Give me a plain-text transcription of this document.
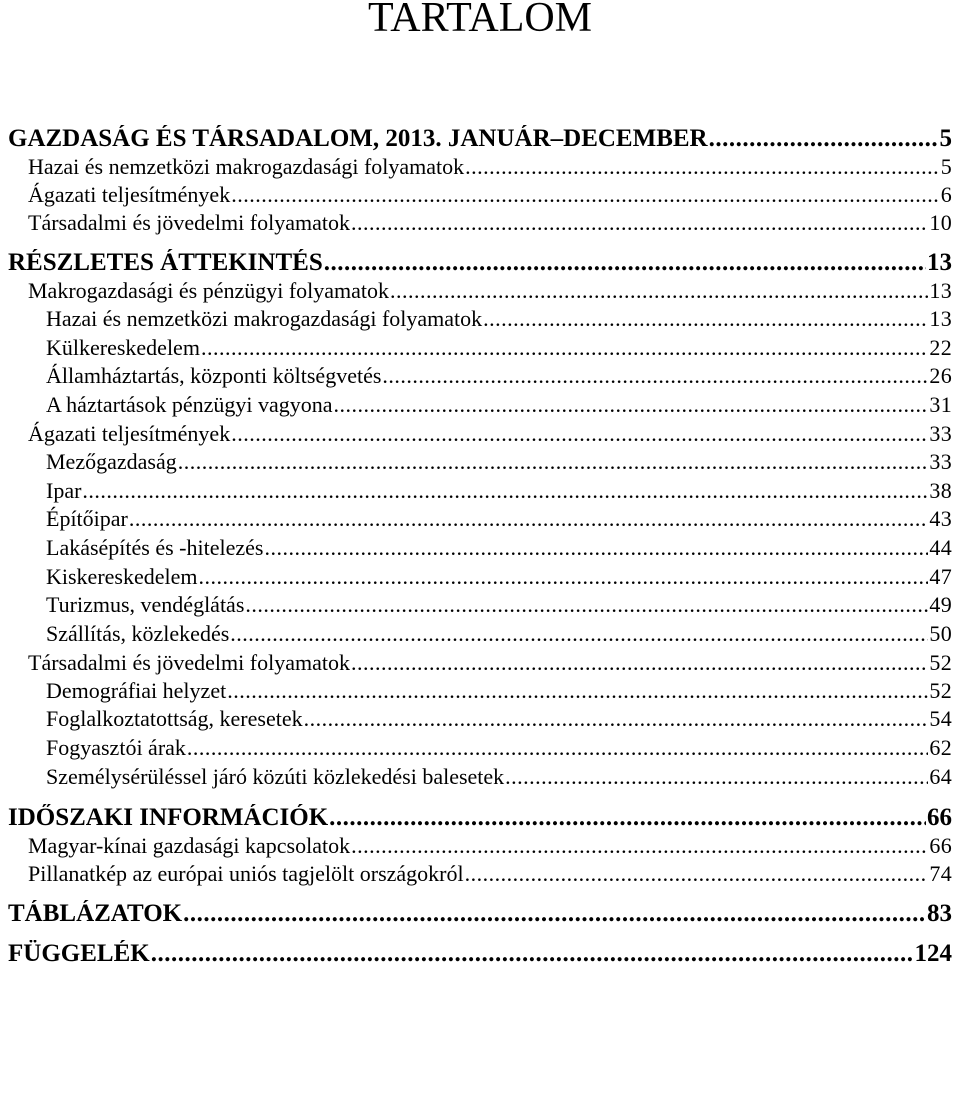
TARTALOM
GAZDASÁG ÉS TÁRSADALOM, 2013. JANUÁR–DECEMBER .....	5
Hazai és nemzetközi makrogazdasági folyamatok .....	5
Ágazati teljesítmények .....	6
Társadalmi és jövedelmi folyamatok .....	10
RÉSZLETES ÁTTEKINTÉS .....	13
Makrogazdasági és pénzügyi folyamatok .....	13
Hazai és nemzetközi makrogazdasági folyamatok .....	13
Külkereskedelem .....	22
Államháztartás, központi költségvetés .....	26
A háztartások pénzügyi vagyona .....	31
Ágazati teljesítmények .....	33
Mezőgazdaság .....	33
Ipar .....	38
Építőipar .....	43
Lakásépítés és -hitelezés .....	44
Kiskereskedelem .....	47
Turizmus, vendéglátás .....	49
Szállítás, közlekedés .....	50
Társadalmi és jövedelmi folyamatok .....	52
Demográfiai helyzet .....	52
Foglalkoztatottság, keresetek .....	54
Fogyasztói árak .....	62
Személysérüléssel járó közúti közlekedési balesetek .....	64
IDŐSZAKI INFORMÁCIÓK .....	66
Magyar-kínai gazdasági kapcsolatok .....	66
Pillanatkép az európai uniós tagjelölt országokról .....	74
TÁBLÁZATOK .....	83
FÜGGELÉK .....	124
